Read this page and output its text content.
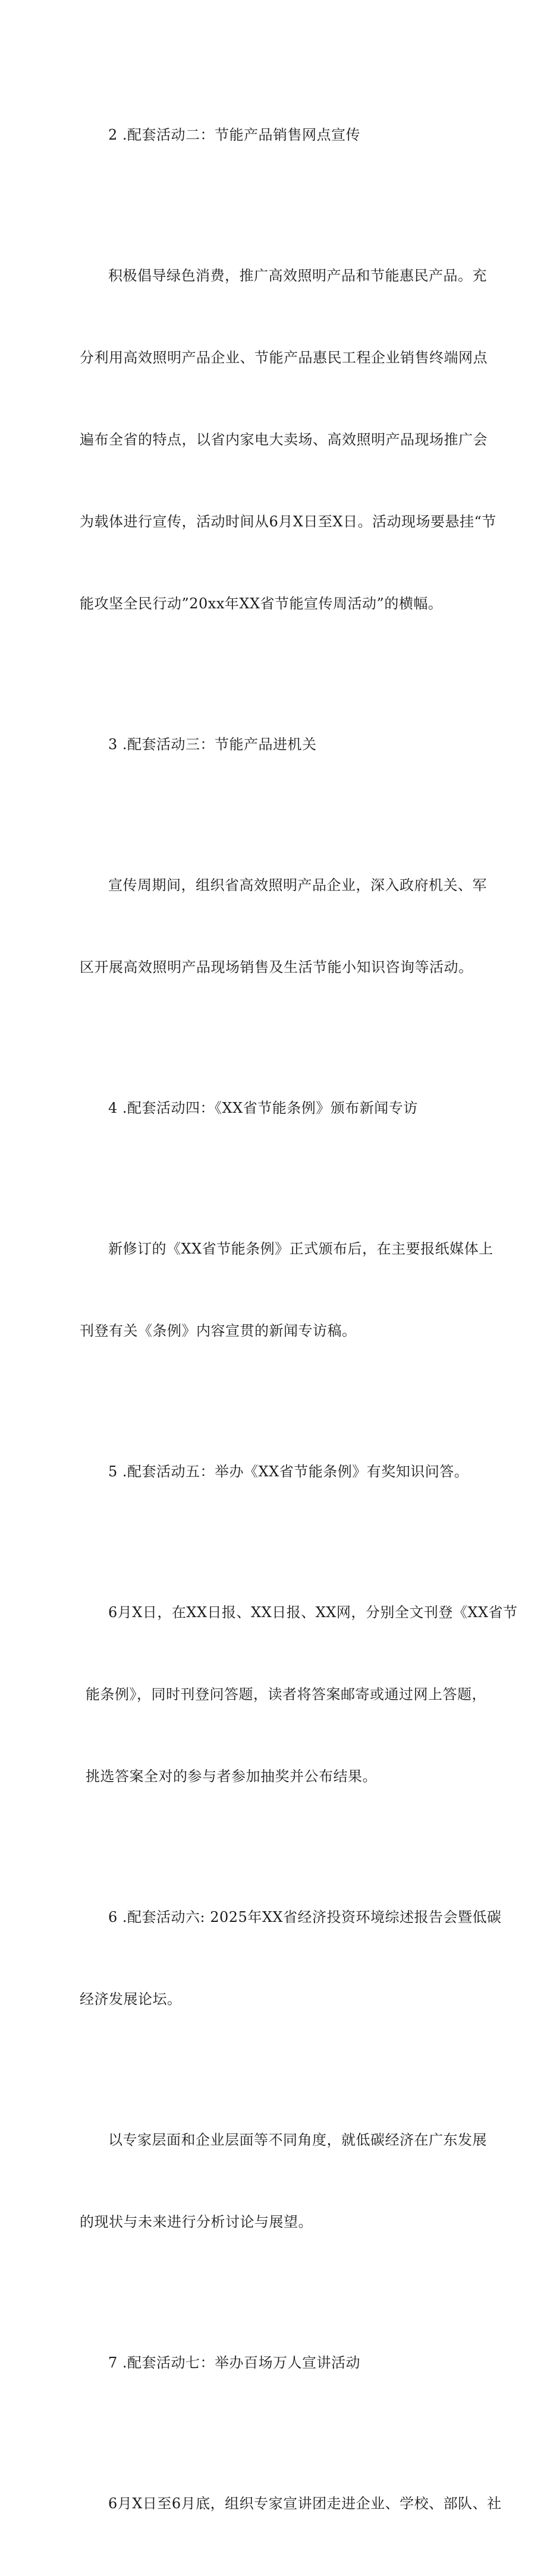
2 .配套活动二：节能产品销售网点宣传

积极倡导绿色消费，推广高效照明产品和节能惠民产品。充

分利用高效照明产品企业、节能产品惠民工程企业销售终端网点

遍布全省的特点，以省内家电大卖场、高效照明产品现场推广会

为载体进行宣传，活动时间从6月X日至X日。活动现场要悬挂“节

能攻坚全民行动”20xx年XX省节能宣传周活动”的横幅。

3 .配套活动三：节能产品进机关

宣传周期间，组织省高效照明产品企业，深入政府机关、军

区开展高效照明产品现场销售及生活节能小知识咨询等活动。

4 .配套活动四：《XX省节能条例》颁布新闻专访

新修订的《XX省节能条例》正式颁布后，在主要报纸媒体上

刊登有关《条例》内容宣贯的新闻专访稿。

5 .配套活动五：举办《XX省节能条例》有奖知识问答。

6月X日，在XX日报、XX日报、XX网，分别全文刊登《XX省节

能条例》，同时刊登问答题，读者将答案邮寄或通过网上答题，

挑选答案全对的参与者参加抽奖并公布结果。

6 .配套活动六: 2025年XX省经济投资环境综述报告会暨低碳

经济发展论坛。

以专家层面和企业层面等不同角度，就低碳经济在广东发展

的现状与未来进行分析讨论与展望。

7 .配套活动七：举办百场万人宣讲活动

6月X日至6月底，组织专家宣讲团走进企业、学校、部队、社
